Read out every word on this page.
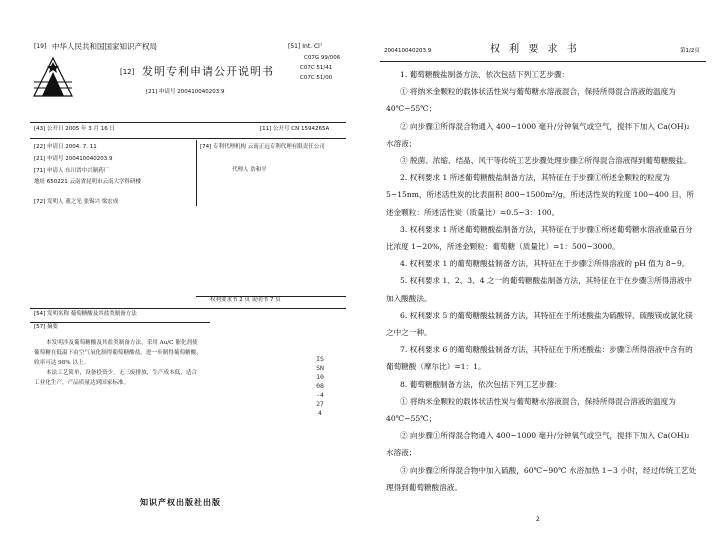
[19] 中华人民共和国国家知识产权局	[51] Int. Cl⁷
C07G 99/006
C07C 51/41
C07C 51/00
[12] 发明专利申请公开说明书
[21] 申请号 200410040203.9
[43] 公开日 2005 年 3 月 16 日	[11] 公开号 CN 1594265A
[22] 申请日 2004. 7. 11
[21] 申请号 200410040203.9
[71] 申请人 东川省中兴制药厂
地址 650221 云南省昆明市云南大学科研楼
[72] 发明人 董之光 张锡兴 梁宏成
[74] 专利代理机构 云南正远专利代理有限责任公司
代理人 浩和平
权利要求书 2 页 说明书 7 页
[54] 发明名称 葡萄糖酸及其盐类制备方法
[57] 摘要

本发明涉及葡萄糖酸及其盐类制备方法，采用 Au/C 催化剂使葡萄糖在低温下由空气氧化制得葡萄糖酸盐，进一步制得葡萄糖酸，收率可达 98% 以上。

本法工艺简单，设备投资少，无三废排放，生产成本低，适合工业化生产。产品质量达到国家标准。

ISSN 1008-4274
知识产权出版社出版
200410040203.9	权 利 要 求 书	第1/2页

1. 葡萄糖酸盐制备方法，依次包括下列工艺步骤：

① 将纳米金颗粒的载体状活性炭与葡萄糖水溶液混合，保持所得混合溶液的温度为 40℃~55℃；

② 向步骤①所得混合物通入 400~1000 毫升/分钟氧气或空气，搅拌下加入 Ca(OH)₂ 水溶液；

③ 脱菌、浓缩、结晶、风干等传统工艺步骤处理步骤②所得混合溶液得到葡萄糖酸盐。

2. 权利要求 1 所述葡萄糖酸盐制备方法，其特征在于步骤①所述金颗粒的粒度为 5~15nm，所述活性炭的比表面积 800~1500m²/g，所述活性炭的粒度 100~400 目，所述金颗粒：所述活性炭（质量比）=0.5~3：100。

3. 权利要求 1 所述葡萄糖酸盐制备方法，其特征在于步骤①所述葡萄糖水溶液重量百分比浓度 1~20%，所述金颗粒：葡萄糖（质量比）=1：500~3000。

4. 权利要求 1 的葡萄糖酸盐制备方法，其特征在于步骤②所得溶液的 pH 值为 8~9。

5. 权利要求 1、2、3、4 之一的葡萄糖酸盐制备方法，其特征在于在步骤③所得溶液中加入酸酸法。

6. 权利要求 5 的葡萄糖酸盐制备方法，其特征在于所述酸盐为硫酸锌、硫酸镁或氯化镁之中之一种。

7. 权利要求 6 的葡萄糖酸盐制备方法，其特征在于所述酸盐：步骤②所得溶液中含有的葡萄糖酸（摩尔比）=1：1。

8. 葡萄糖酸制备方法，依次包括下列工艺步骤：

① 将纳米金颗粒的载体状活性炭与葡萄糖水溶液混合，保持所得混合溶液的温度为 40℃~55℃；

② 向步骤①所得混合物通入 400~1000 毫升/分钟氧气或空气，搅拌下加入 Ca(OH)₂ 水溶液；

③ 向步骤②所得混合物中加入硫酸，60℃~90℃ 水浴加热 1~3 小时，经过传统工艺处理得到葡萄糖酸溶液。

2
